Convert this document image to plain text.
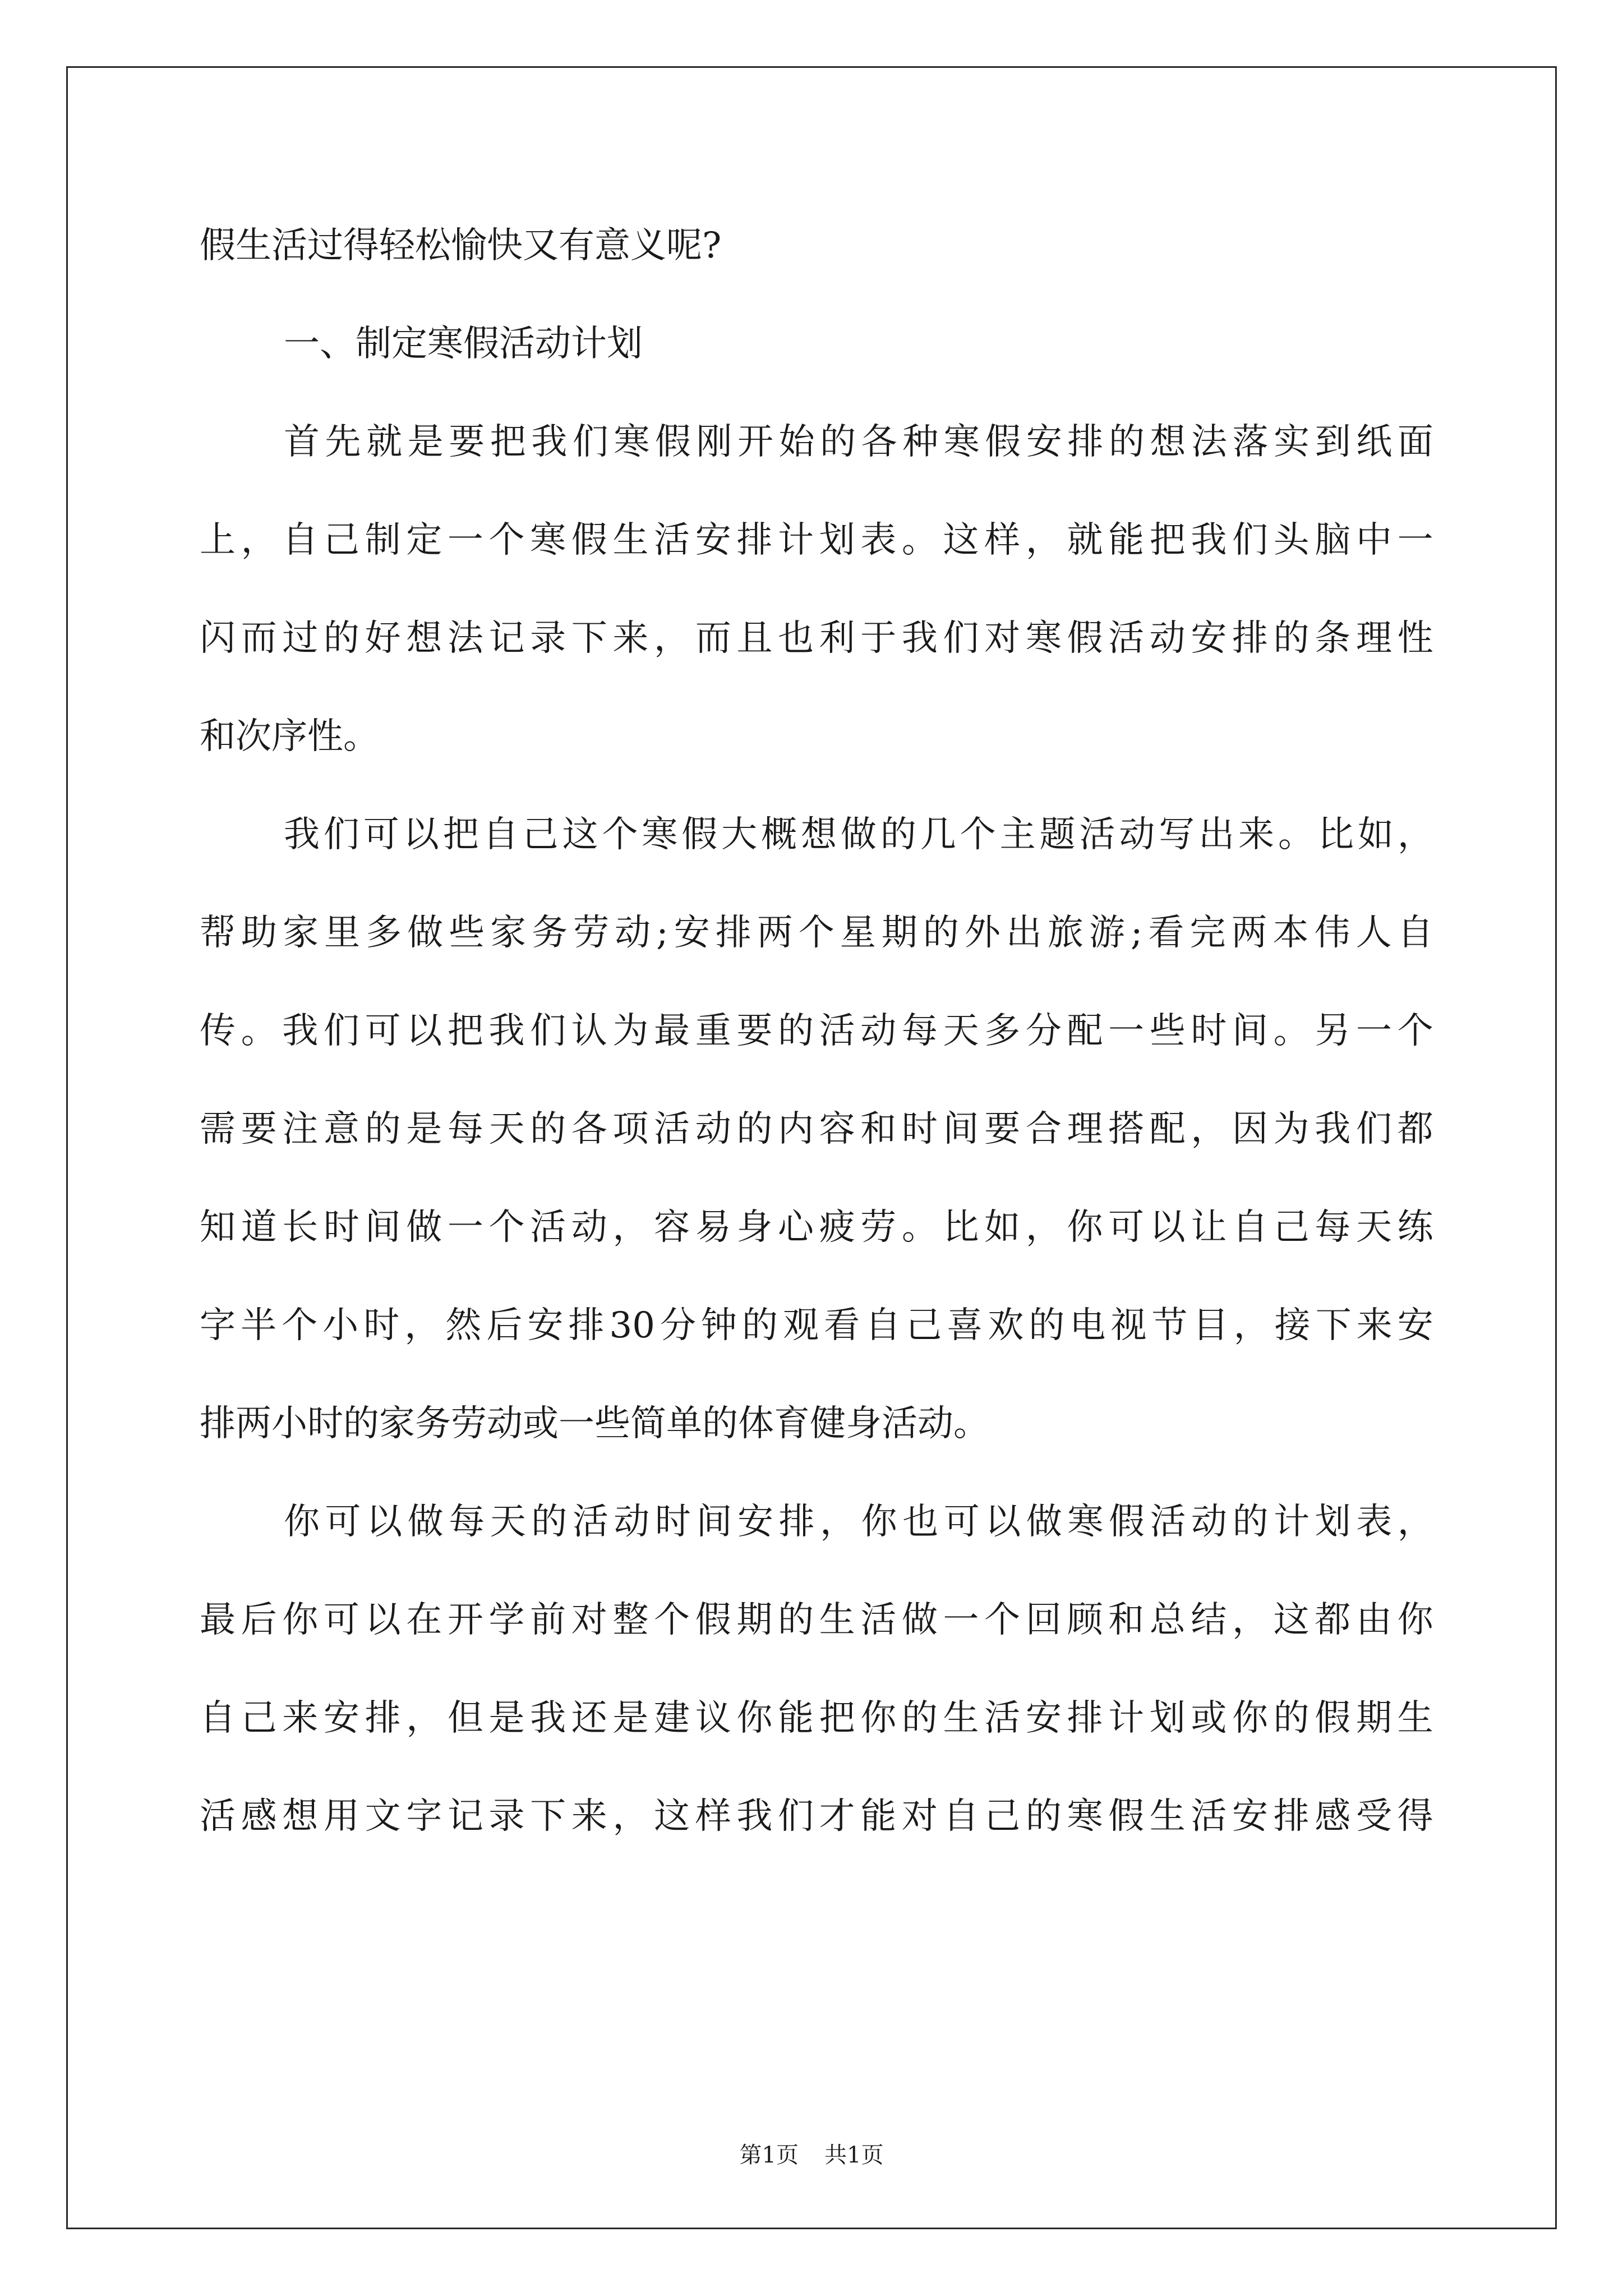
假生活过得轻松愉快又有意义呢?
一、制定寒假活动计划
首 先 就 是 要 把 我 们 寒 假 刚 开 始 的 各 种 寒 假 安 排 的 想 法 落 实 到 纸 面
上 ， 自 己 制 定 一 个 寒 假 生 活 安 排 计 划 表 。 这 样 ， 就 能 把 我 们 头 脑 中 一
闪 而 过 的 好 想 法 记 录 下 来 ， 而 且 也 利 于 我 们 对 寒 假 活 动 安 排 的 条 理 性
和次序性。
我 们 可 以 把 自 己 这 个 寒 假 大 概 想 做 的 几 个 主 题 活 动 写 出 来 。 比 如 ，
帮 助 家 里 多 做 些 家 务 劳 动 ; 安 排 两 个 星 期 的 外 出 旅 游 ; 看 完 两 本 伟 人 自
传 。 我 们 可 以 把 我 们 认 为 最 重 要 的 活 动 每 天 多 分 配 一 些 时 间 。 另 一 个
需 要 注 意 的 是 每 天 的 各 项 活 动 的 内 容 和 时 间 要 合 理 搭 配 ， 因 为 我 们 都
知 道 长 时 间 做 一 个 活 动 ， 容 易 身 心 疲 劳 。 比 如 ， 你 可 以 让 自 己 每 天 练
字 半 个 小 时 ， 然 后 安 排 30 分 钟 的 观 看 自 己 喜 欢 的 电 视 节 目 ， 接 下 来 安
排两小时的家务劳动或一些简单的体育健身活动。
你 可 以 做 每 天 的 活 动 时 间 安 排 ， 你 也 可 以 做 寒 假 活 动 的 计 划 表 ，
最 后 你 可 以 在 开 学 前 对 整 个 假 期 的 生 活 做 一 个 回 顾 和 总 结 ， 这 都 由 你
自 己 来 安 排 ， 但 是 我 还 是 建 议 你 能 把 你 的 生 活 安 排 计 划 或 你 的 假 期 生
活 感 想 用 文 字 记 录 下 来 ， 这 样 我 们 才 能 对 自 己 的 寒 假 生 活 安 排 感 受 得
第1页 共1页
